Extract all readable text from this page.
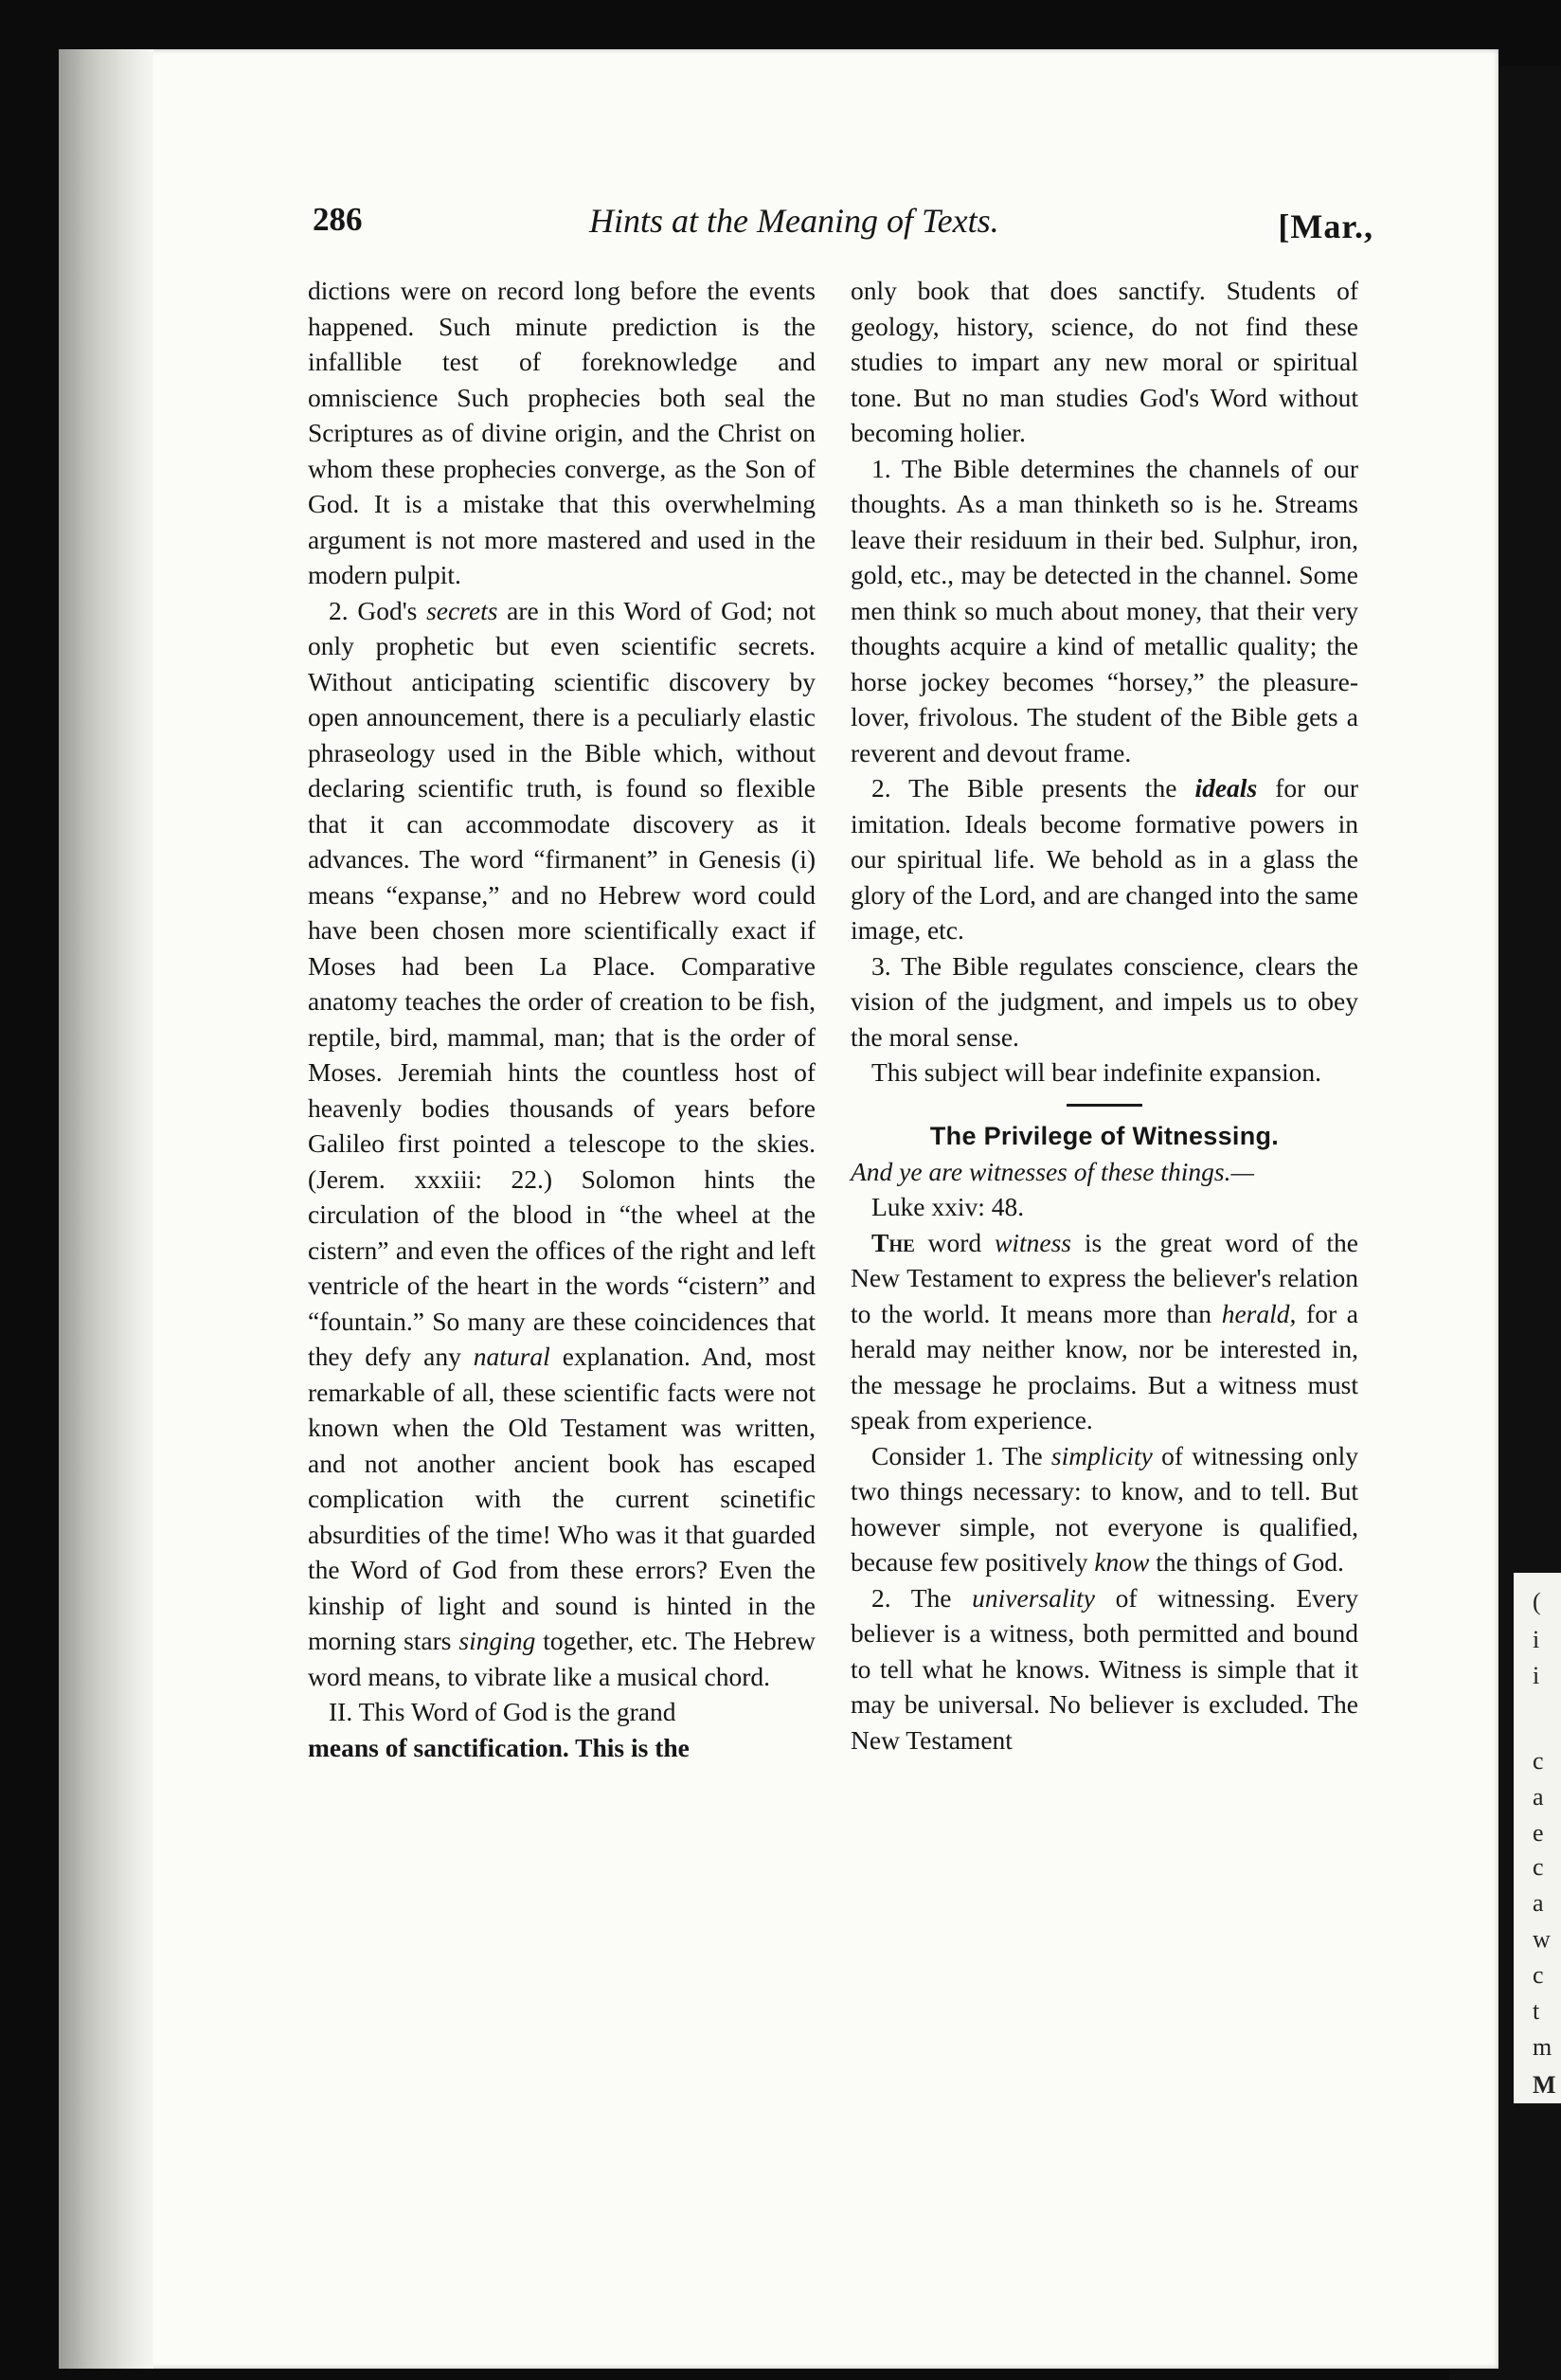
(
i
i
c
a
e
c
a
w
c
t
m
M
286	Hints at the Meaning of Texts.	[Mar.,

dictions were on record long before the events happened. Such minute prediction is the infallible test of foreknowledge and omniscience Such prophecies both seal the Scriptures as of divine origin, and the Christ on whom these prophecies converge, as the Son of God. It is a mistake that this overwhelming argument is not more mastered and used in the modern pulpit.

2. God's secrets are in this Word of God; not only prophetic but even scientific secrets. Without anticipating scientific discovery by open announcement, there is a peculiarly elastic phraseology used in the Bible which, without declaring scientific truth, is found so flexible that it can accommodate discovery as it advances. The word “firmanent” in Genesis (i) means “expanse,” and no Hebrew word could have been chosen more scientifically exact if Moses had been La Place. Comparative anatomy teaches the order of creation to be fish, reptile, bird, mammal, man; that is the order of Moses. Jeremiah hints the countless host of heavenly bodies thousands of years before Galileo first pointed a telescope to the skies. (Jerem. xxxiii: 22.) Solomon hints the circulation of the blood in “the wheel at the cistern” and even the offices of the right and left ventricle of the heart in the words “cistern” and “fountain.” So many are these coincidences that they defy any natural explanation. And, most remarkable of all, these scientific facts were not known when the Old Testament was written, and not another ancient book has escaped complication with the current scinetific absurdities of the time! Who was it that guarded the Word of God from these errors? Even the kinship of light and sound is hinted in the morning stars singing together, etc. The Hebrew word means, to vibrate like a musical chord.

II. This Word of God is the grand

means of sanctification. This is the

only book that does sanctify. Students of geology, history, science, do not find these studies to impart any new moral or spiritual tone. But no man studies God's Word without becoming holier.

1. The Bible determines the channels of our thoughts. As a man thinketh so is he. Streams leave their residuum in their bed. Sulphur, iron, gold, etc., may be detected in the channel. Some men think so much about money, that their very thoughts acquire a kind of metallic quality; the horse jockey becomes “horsey,” the pleasure-lover, frivolous. The student of the Bible gets a reverent and devout frame.

2. The Bible presents the ideals for our imitation. Ideals become formative powers in our spiritual life. We behold as in a glass the glory of the Lord, and are changed into the same image, etc.

3. The Bible regulates conscience, clears the vision of the judgment, and impels us to obey the moral sense.

This subject will bear indefinite expansion.

The Privilege of Witnessing.

And ye are witnesses of these things.—

Luke xxiv: 48.

The word witness is the great word of the New Testament to express the believer's relation to the world. It means more than herald, for a herald may neither know, nor be interested in, the message he proclaims. But a witness must speak from experience.

Consider 1. The simplicity of witnessing only two things necessary: to know, and to tell. But however simple, not everyone is qualified, because few positively know the things of God.

2. The universality of witnessing. Every believer is a witness, both permitted and bound to tell what he knows. Witness is simple that it may be universal. No believer is excluded. The New Testament
